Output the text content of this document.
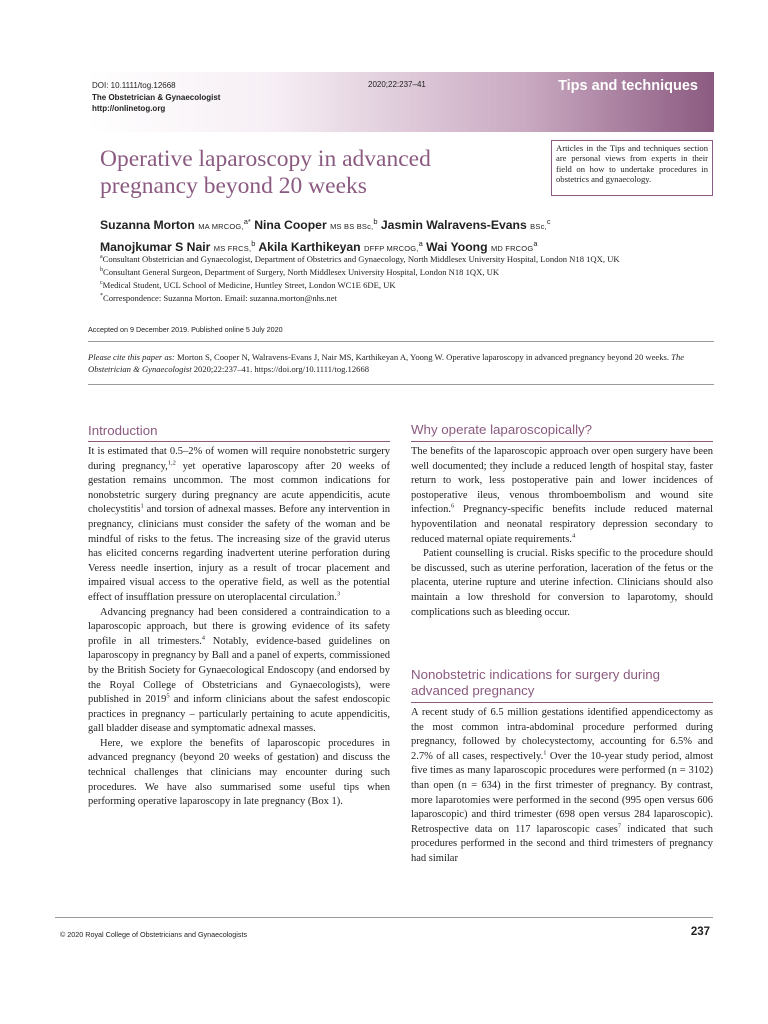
DOI: 10.1111/tog.12668
The Obstetrician & Gynaecologist
http://onlinetog.org
2020;22:237–41	Tips and techniques
Operative laparoscopy in advanced pregnancy beyond 20 weeks
Articles in the Tips and techniques section are personal views from experts in their field on how to undertake procedures in obstetrics and gynaecology.
Suzanna Morton MA MRCOG,$^{a*}$ Nina Cooper MS BS BSc,$^b$ Jasmin Walravens-Evans BSc,$^c$
Manojkumar S Nair MS FRCS,$^b$ Akila Karthikeyan DFFP MRCOG,$^a$ Wai Yoong MD FRCOG$^a$
$^a$Consultant Obstetrician and Gynaecologist, Department of Obstetrics and Gynaecology, North Middlesex University Hospital, London N18 1QX, UK
$^b$Consultant General Surgeon, Department of Surgery, North Middlesex University Hospital, London N18 1QX, UK
$^c$Medical Student, UCL School of Medicine, Huntley Street, London WC1E 6DE, UK
*Correspondence: Suzanna Morton. Email: suzanna.morton@nhs.net
Accepted on 9 December 2019. Published online 5 July 2020
Please cite this paper as: Morton S, Cooper N, Walravens-Evans J, Nair MS, Karthikeyan A, Yoong W. Operative laparoscopy in advanced pregnancy beyond 20 weeks. The Obstetrician & Gynaecologist 2020;22:237–41. https://doi.org/10.1111/tog.12668
Introduction

It is estimated that 0.5–2% of women will require nonobstetric surgery during pregnancy,$^{1,2}$ yet operative laparoscopy after 20 weeks of gestation remains uncommon. The most common indications for nonobstetric surgery during pregnancy are acute appendicitis, acute cholecystitis$^1$ and torsion of adnexal masses. Before any intervention in pregnancy, clinicians must consider the safety of the woman and be mindful of risks to the fetus. The increasing size of the gravid uterus has elicited concerns regarding inadvertent uterine perforation during Veress needle insertion, injury as a result of trocar placement and impaired visual access to the operative field, as well as the potential effect of insufflation pressure on uteroplacental circulation.$^3$

Advancing pregnancy had been considered a contraindication to a laparoscopic approach, but there is growing evidence of its safety profile in all trimesters.$^4$ Notably, evidence-based guidelines on laparoscopy in pregnancy by Ball and a panel of experts, commissioned by the British Society for Gynaecological Endoscopy (and endorsed by the Royal College of Obstetricians and Gynaecologists), were published in 2019$^5$ and inform clinicians about the safest endoscopic practices in pregnancy – particularly pertaining to acute appendicitis, gall bladder disease and symptomatic adnexal masses.

Here, we explore the benefits of laparoscopic procedures in advanced pregnancy (beyond 20 weeks of gestation) and discuss the technical challenges that clinicians may encounter during such procedures. We have also summarised some useful tips when performing operative laparoscopy in late pregnancy (Box 1).

Why operate laparoscopically?

The benefits of the laparoscopic approach over open surgery have been well documented; they include a reduced length of hospital stay, faster return to work, less postoperative pain and lower incidences of postoperative ileus, venous thromboembolism and wound site infection.$^6$ Pregnancy-specific benefits include reduced maternal hypoventilation and neonatal respiratory depression secondary to reduced maternal opiate requirements.$^4$

Patient counselling is crucial. Risks specific to the procedure should be discussed, such as uterine perforation, laceration of the fetus or the placenta, uterine rupture and uterine infection. Clinicians should also maintain a low threshold for conversion to laparotomy, should complications such as bleeding occur.

Nonobstetric indications for surgery during advanced pregnancy

A recent study of 6.5 million gestations identified appendicectomy as the most common intra-abdominal procedure performed during pregnancy, followed by cholecystectomy, accounting for 6.5% and 2.7% of all cases, respectively.$^1$ Over the 10-year study period, almost five times as many laparoscopic procedures were performed (n = 3102) than open (n = 634) in the first trimester of pregnancy. By contrast, more laparotomies were performed in the second (995 open versus 606 laparoscopic) and third trimester (698 open versus 284 laparoscopic). Retrospective data on 117 laparoscopic cases$^7$ indicated that such procedures performed in the second and third trimesters of pregnancy had similar

© 2020 Royal College of Obstetricians and Gynaecologists	237
